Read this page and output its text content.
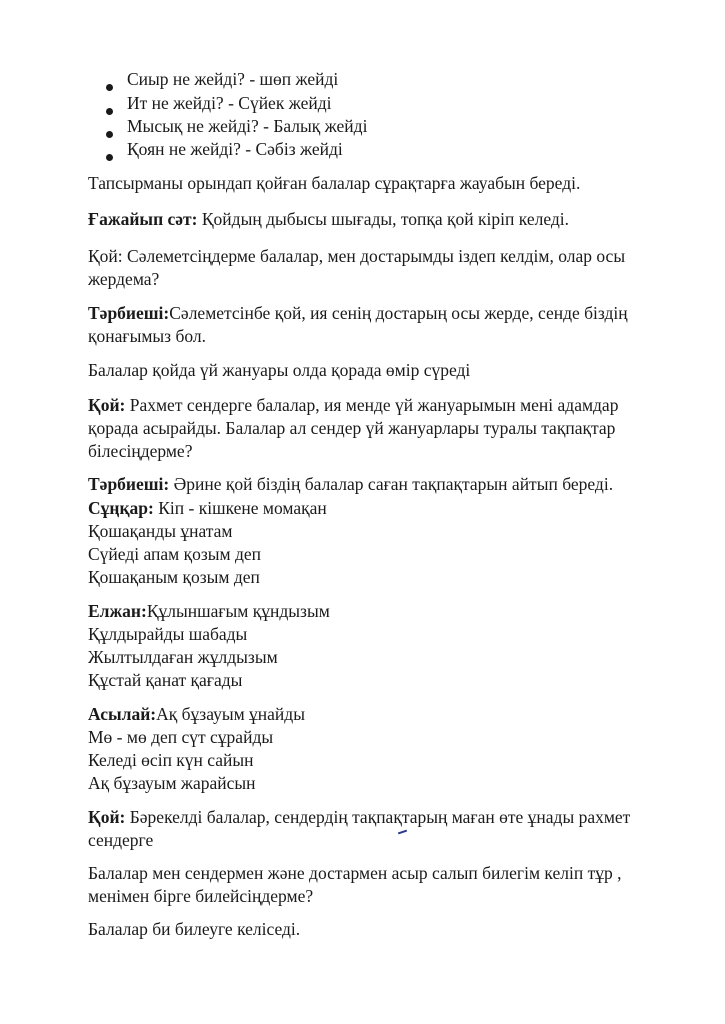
Сиыр не жейді? - шөп жейді
Ит не жейді? - Сүйек жейді
Мысық не жейді? - Балық жейді
Қоян не жейді? - Сәбіз жейді
Тапсырманы орындап қойған балалар сұрақтарға жауабын береді.
Ғажайып сәт: Қойдың дыбысы шығады, топқа қой кіріп келеді.
Қой: Сәлеметсіңдерме балалар, мен достарымды іздеп келдім, олар осы
жердема?
Тәрбиеші:Сәлеметсінбе қой, ия сенің достарың осы жерде, сенде біздің
қонағымыз бол.
Балалар қойда үй жануары олда қорада өмір сүреді
Қой: Рахмет сендерге балалар, ия менде үй жануарымын мені адамдар
қорада асырайды. Балалар ал сендер үй жануарлары туралы тақпақтар
білесіңдерме?
Тәрбиеші: Әрине қой біздің балалар саған тақпақтарын айтып береді.
Сұңқар: Кіп - кішкене момақан
Қошақанды ұнатам
Сүйеді апам қозым деп
Қошақаным қозым деп
Елжан:Құлыншағым құндызым
Құлдырайды шабады
Жылтылдаған жұлдызым
Құстай қанат қағады
Асылай:Ақ бұзауым ұнайды
Мө - мө деп сүт сұрайды
Келеді өсіп күн сайын
Ақ бұзауым жарайсын
Қой: Бәрекелді балалар, сендердің тақпақтарың маған өте ұнады рахмет
сендерге
Балалар мен сендермен және достармен асыр салып билегім келіп тұр ,
менімен бірге билейсіңдерме?
Балалар би билеуге келіседі.
